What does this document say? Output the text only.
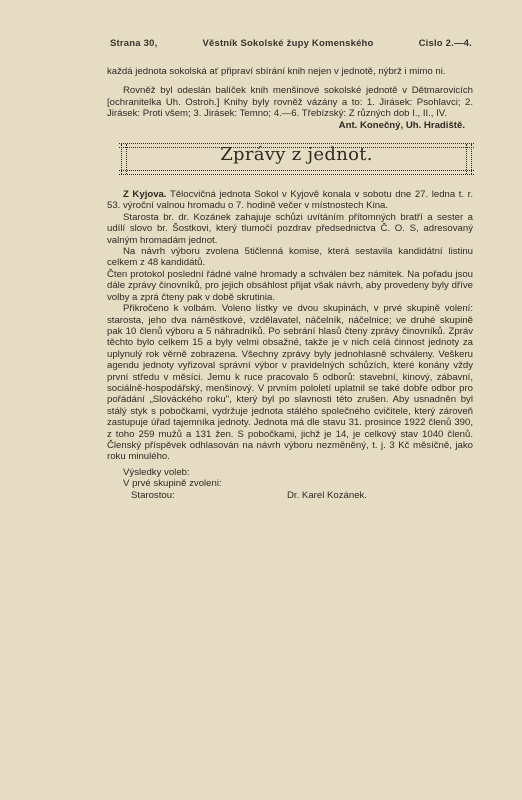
Strana 30,	Věstník Sokolské župy Komenského	Cislo 2.—4.

každá jednota sokolská ať připraví sbírání knih nejen v jednotě, nýbrž i mimo ni.

Rovněž byl odeslán balíček knih menšinové sokolské jednotě v Dětmarovicích [ochranitelka Uh. Ostroh.] Knihy byly rovněž vázány a to: 1. Jirásek: Psohlavci; 2. Jirásek: Proti všem; 3. Jirásek: Temno; 4.—6. Třebízský: Z různých dob I., II., IV.

Ant. Konečný, Uh. Hradiště.

Zprávy z jednot.

Z Kyjova. Tělocvičná jednota Sokol v Kyjově konala v sobotu dne 27. ledna t. r. 53. výroční valnou hromadu o 7. hodině večer v místnostech Kina.

Starosta br. dr. Kozánek zahajuje schůzi uvítáním přítomných bratří a sester a udílí slovo br. Šostkovi, který tlumočí pozdrav předsednictva Č. O. S, adresovaný valným hromadám jednot.

Na návrh výboru zvolena 5tičlenná komise, která sestavila kandidátní listinu celkem z 48 kandidátů.

Čten protokol poslední řádné valné hromady a schválen bez námitek. Na pořadu jsou dále zprávy činovníků, pro jejich obsáhlost přijat však návrh, aby provedeny byly dříve volby a zprá čteny pak v době skrutinia.

Přikročeno k volbám. Voleno lístky ve dvou skupinách, v prvé skupině volení: starosta, jeho dva náměstkové, vzdělavatel, náčelník, náčelnice; ve druhé skupině pak 10 členů výboru a 5 náhradníků. Po sebrání hlasů čteny zprávy činovníků. Zpráv těchto bylo celkem 15 a byly velmi obsažné, takže je v nich celá činnost jednoty za uplynulý rok věrně zobrazena. Všechny zprávy byly jednohlasně schváleny. Veškeru agendu jednoty vyřizoval správní výbor v pravidelných schůzích, které konány vždy první středu v měsíci. Jemu k ruce pracovalo 5 odborů: stavební, kinový, zábavní, sociálně-hospodářský, menšinový. V prvním pololetí uplatnil se také dobře odbor pro pořádání „Slováckého roku", který byl po slavnosti této zrušen. Aby usnadněn byl stálý styk s pobočkami, vydržuje jednota stálého společného cvičitele, který zároveň zastupuje úřad tajemníka jednoty. Jednota má dle stavu 31. prosince 1922 členů 390, z toho 259 mužů a 131 žen. S pobočkami, jichž je 14, je celkový stav 1040 členů. Členský příspěvek odhlasován na návrh výboru nezměněný, t. j. 3 Kč měsíčně, jako roku minulého.

Výsledky voleb:

V prvé skupině zvoleni:

Starostou:	Dr. Karel Kozánek.
